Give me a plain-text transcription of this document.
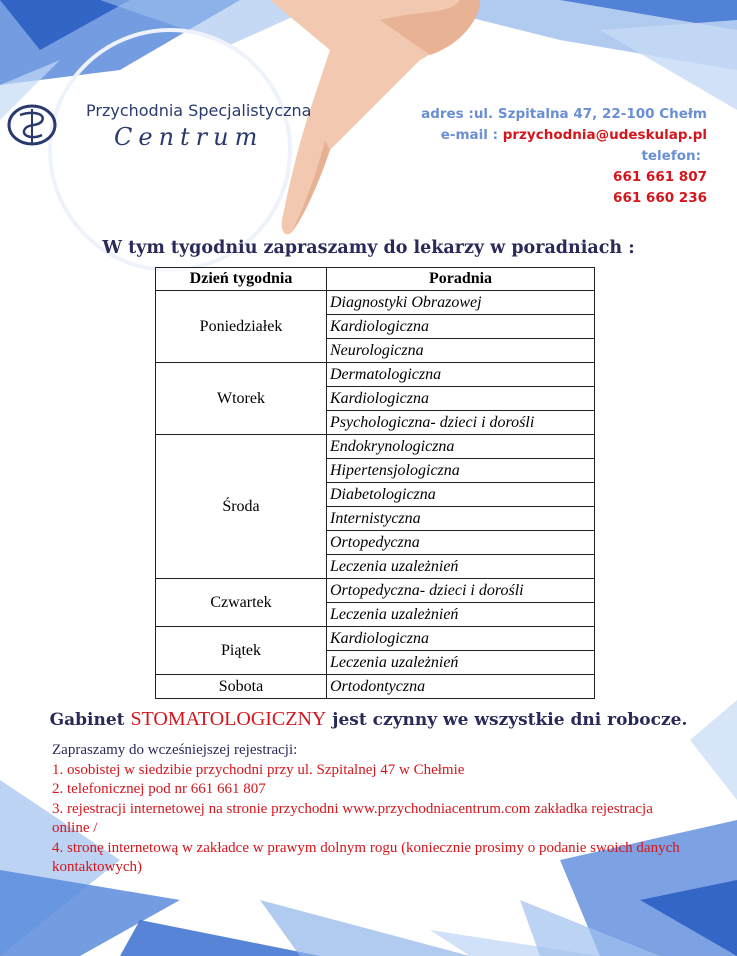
Przychodnia Specjalistyczna
Centrum
adres :ul. Szpitalna 47, 22-100 Chełm
e-mail : przychodnia@udeskulap.pl
telefon:
661 661 807
661 660 236
W tym tygodniu zapraszamy do lekarzy w poradniach :
Dzień tygodnia	Poradnia
Poniedziałek	Diagnostyki Obrazowej
	Kardiologiczna
	Neurologiczna
Wtorek	Dermatologiczna
	Kardiologiczna
	Psychologiczna- dzieci i dorośli
Środa	Endokrynologiczna
	Hipertensjologiczna
	Diabetologiczna
	Internistyczna
	Ortopedyczna
	Leczenia uzależnień
Czwartek	Ortopedyczna- dzieci i dorośli
	Leczenia uzależnień
Piątek	Kardiologiczna
	Leczenia uzależnień
Sobota	Ortodontyczna
Gabinet STOMATOLOGICZNY jest czynny we wszystkie dni robocze.
Zapraszamy do wcześniejszej rejestracji:
1. osobistej w siedzibie przychodni przy ul. Szpitalnej 47 w Chełmie
2. telefonicznej pod nr 661 661 807
3. rejestracji internetowej na stronie przychodni www.przychodniacentrum.com zakładka rejestracja online /
4. stronę internetową w zakładce w prawym dolnym rogu (koniecznie prosimy o podanie swoich danych kontaktowych)
